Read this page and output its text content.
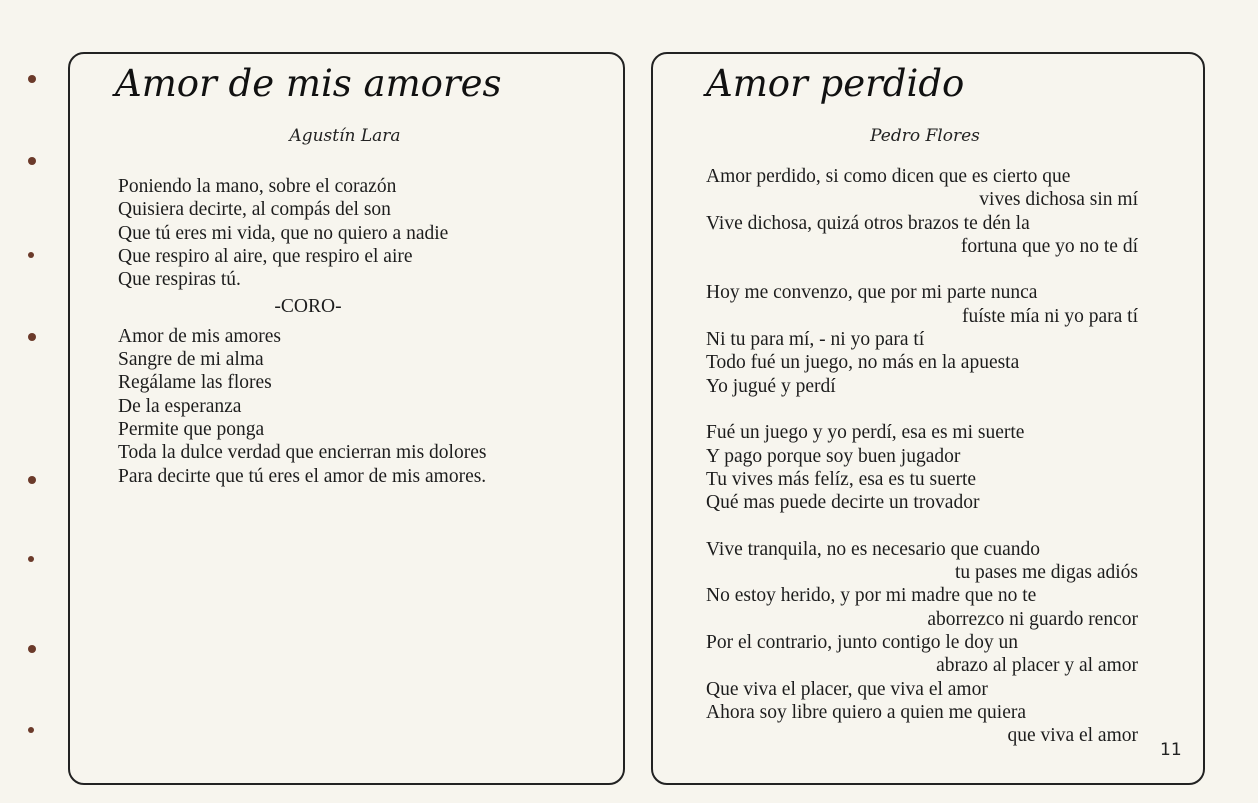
Amor de mis amores

Agustín Lara

Poniendo la mano, sobre el corazón
Quisiera decirte, al compás del son
Que tú eres mi vida, que no quiero a nadie
Que respiro al aire, que respiro el aire
Que respiras tú.
-CORO-
Amor de mis amores
Sangre de mi alma
Regálame las flores
De la esperanza
Permite que ponga
Toda la dulce verdad que encierran mis dolores
Para decirte que tú eres el amor de mis amores.
Amor perdido

Pedro Flores

Amor perdido, si como dicen que es cierto que
vives dichosa sin mí
Vive dichosa, quizá otros brazos te dén la
fortuna que yo no te dí
Hoy me convenzo, que por mi parte nunca
fuíste mía ni yo para tí
Ni tu para mí, - ni yo para tí
Todo fué un juego, no más en la apuesta
Yo jugué y perdí
Fué un juego y yo perdí, esa es mi suerte
Y pago porque soy buen jugador
Tu vives más felíz, esa es tu suerte
Qué mas puede decirte un trovador
Vive tranquila, no es necesario que cuando
tu pases me digas adiós
No estoy herido, y por mi madre que no te
aborrezco ni guardo rencor
Por el contrario, junto contigo le doy un
abrazo al placer y al amor
Que viva el placer, que viva el amor
Ahora soy libre quiero a quien me quiera
que viva el amor
11
